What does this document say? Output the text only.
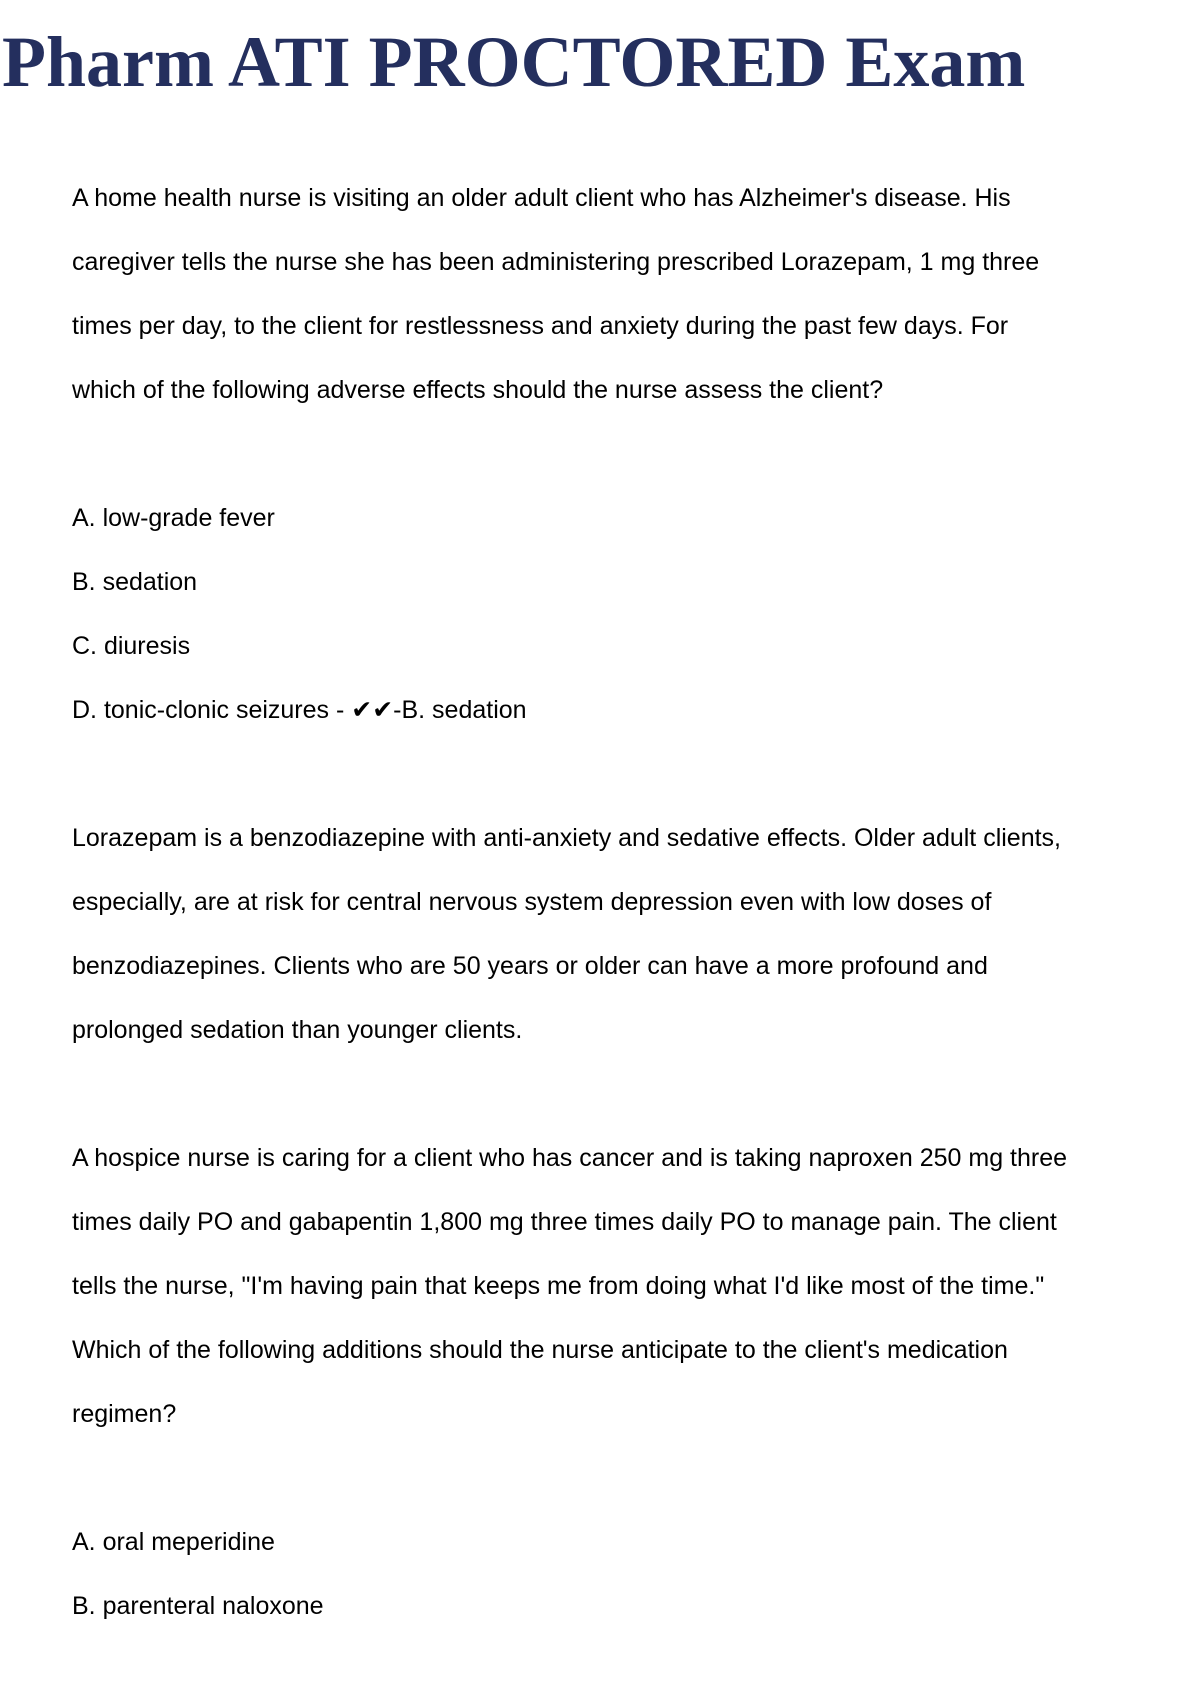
Pharm ATI PROCTORED Exam
A home health nurse is visiting an older adult client who has Alzheimer's disease. His
caregiver tells the nurse she has been administering prescribed Lorazepam, 1 mg three
times per day, to the client for restlessness and anxiety during the past few days. For
which of the following adverse effects should the nurse assess the client?
A. low-grade fever
B. sedation
C. diuresis
D. tonic-clonic seizures - ✔✔-B. sedation
Lorazepam is a benzodiazepine with anti-anxiety and sedative effects. Older adult clients,
especially, are at risk for central nervous system depression even with low doses of
benzodiazepines. Clients who are 50 years or older can have a more profound and
prolonged sedation than younger clients.
A hospice nurse is caring for a client who has cancer and is taking naproxen 250 mg three
times daily PO and gabapentin 1,800 mg three times daily PO to manage pain. The client
tells the nurse, "I'm having pain that keeps me from doing what I'd like most of the time."
Which of the following additions should the nurse anticipate to the client's medication
regimen?
A. oral meperidine
B. parenteral naloxone
